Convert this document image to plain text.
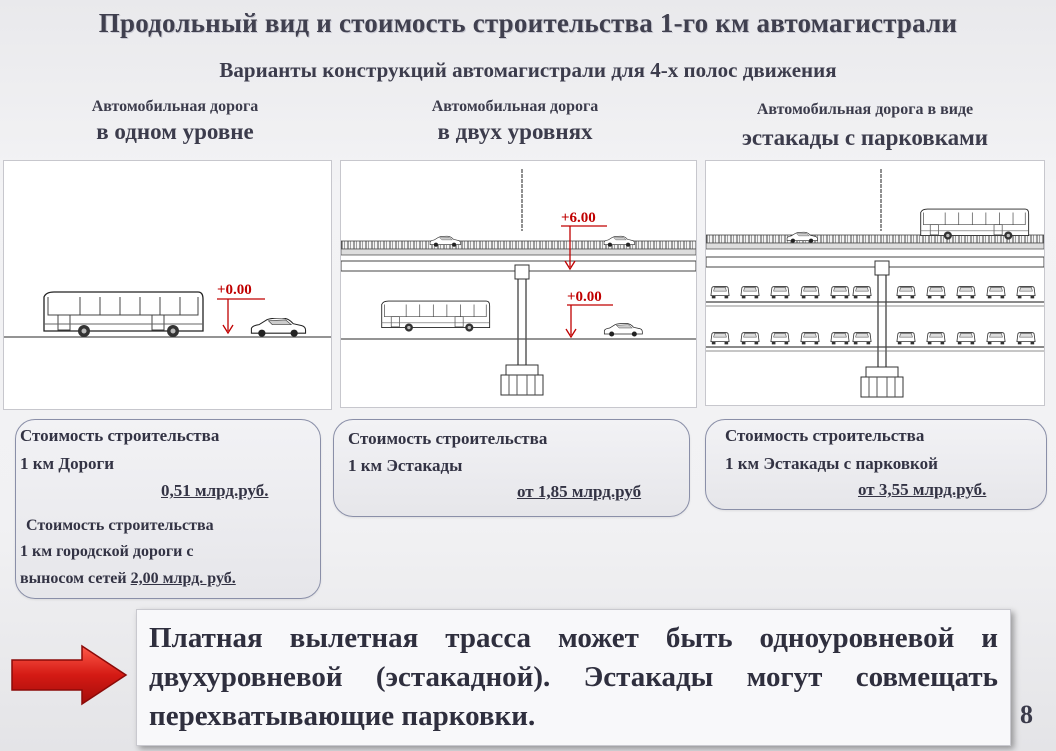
Продольный вид и стоимость строительства 1-го км автомагистрали
Варианты конструкций автомагистрали для 4-х полос движения
Автомобильная дорога
в одном уровне
Автомобильная дорога
в двух уровнях
Автомобильная дорога в виде
эстакады с парковками
+0.00
+6.00
+0.00
Стоимость строительства
1 км Дороги
0,51 млрд.руб.
Стоимость строительства
1 км городской дороги с
выносом сетей 2,00 млрд. руб.
Стоимость строительства
1 км Эстакады
от 1,85 млрд.руб
Стоимость строительства
1 км Эстакады с парковкой
от 3,55 млрд.руб.
Платная вылетная трасса может быть одноуровневой и двухуровневой (эстакадной). Эстакады могут совмещать перехватывающие парковки.	8
